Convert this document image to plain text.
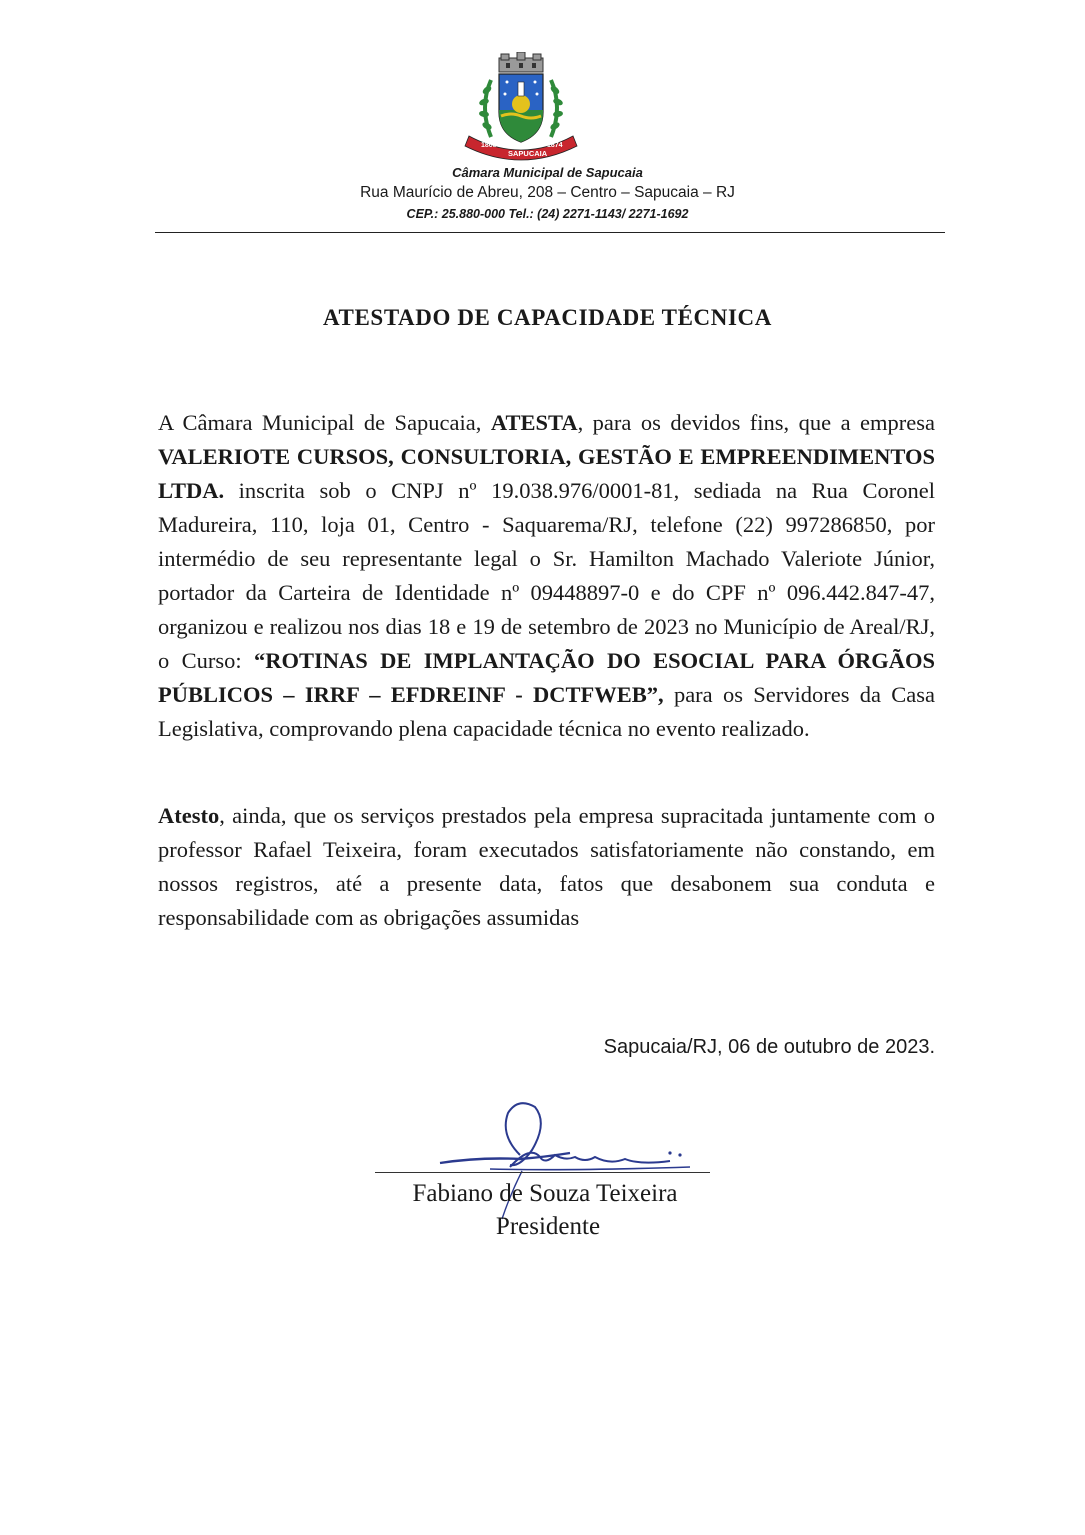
1808
SAPUCAIA
1874
Câmara Municipal de Sapucaia
Rua Maurício de Abreu, 208 – Centro – Sapucaia – RJ
CEP.: 25.880-000 Tel.: (24) 2271-1143/ 2271-1692
ATESTADO DE CAPACIDADE TÉCNICA
A Câmara Municipal de Sapucaia, ATESTA, para os devidos fins, que a empresa VALERIOTE CURSOS, CONSULTORIA, GESTÃO E EMPREENDIMENTOS LTDA. inscrita sob o CNPJ nº 19.038.976/0001-81, sediada na Rua Coronel Madureira, 110, loja 01, Centro - Saquarema/RJ, telefone (22) 997286850, por intermédio de seu representante legal o Sr. Hamilton Machado Valeriote Júnior, portador da Carteira de Identidade nº 09448897-0 e do CPF nº 096.442.847-47, organizou e realizou nos dias 18 e 19 de setembro de 2023 no Município de Areal/RJ, o Curso: “ROTINAS DE IMPLANTAÇÃO DO ESOCIAL PARA ÓRGÃOS PÚBLICOS – IRRF – EFDREINF - DCTFWEB”, para os Servidores da Casa Legislativa, comprovando plena capacidade técnica no evento realizado.
Atesto, ainda, que os serviços prestados pela empresa supracitada juntamente com o professor Rafael Teixeira, foram executados satisfatoriamente não constando, em nossos registros, até a presente data, fatos que desabonem sua conduta e responsabilidade com as obrigações assumidas
Sapucaia/RJ, 06 de outubro de 2023.
Fabiano de Souza Teixeira
Presidente
